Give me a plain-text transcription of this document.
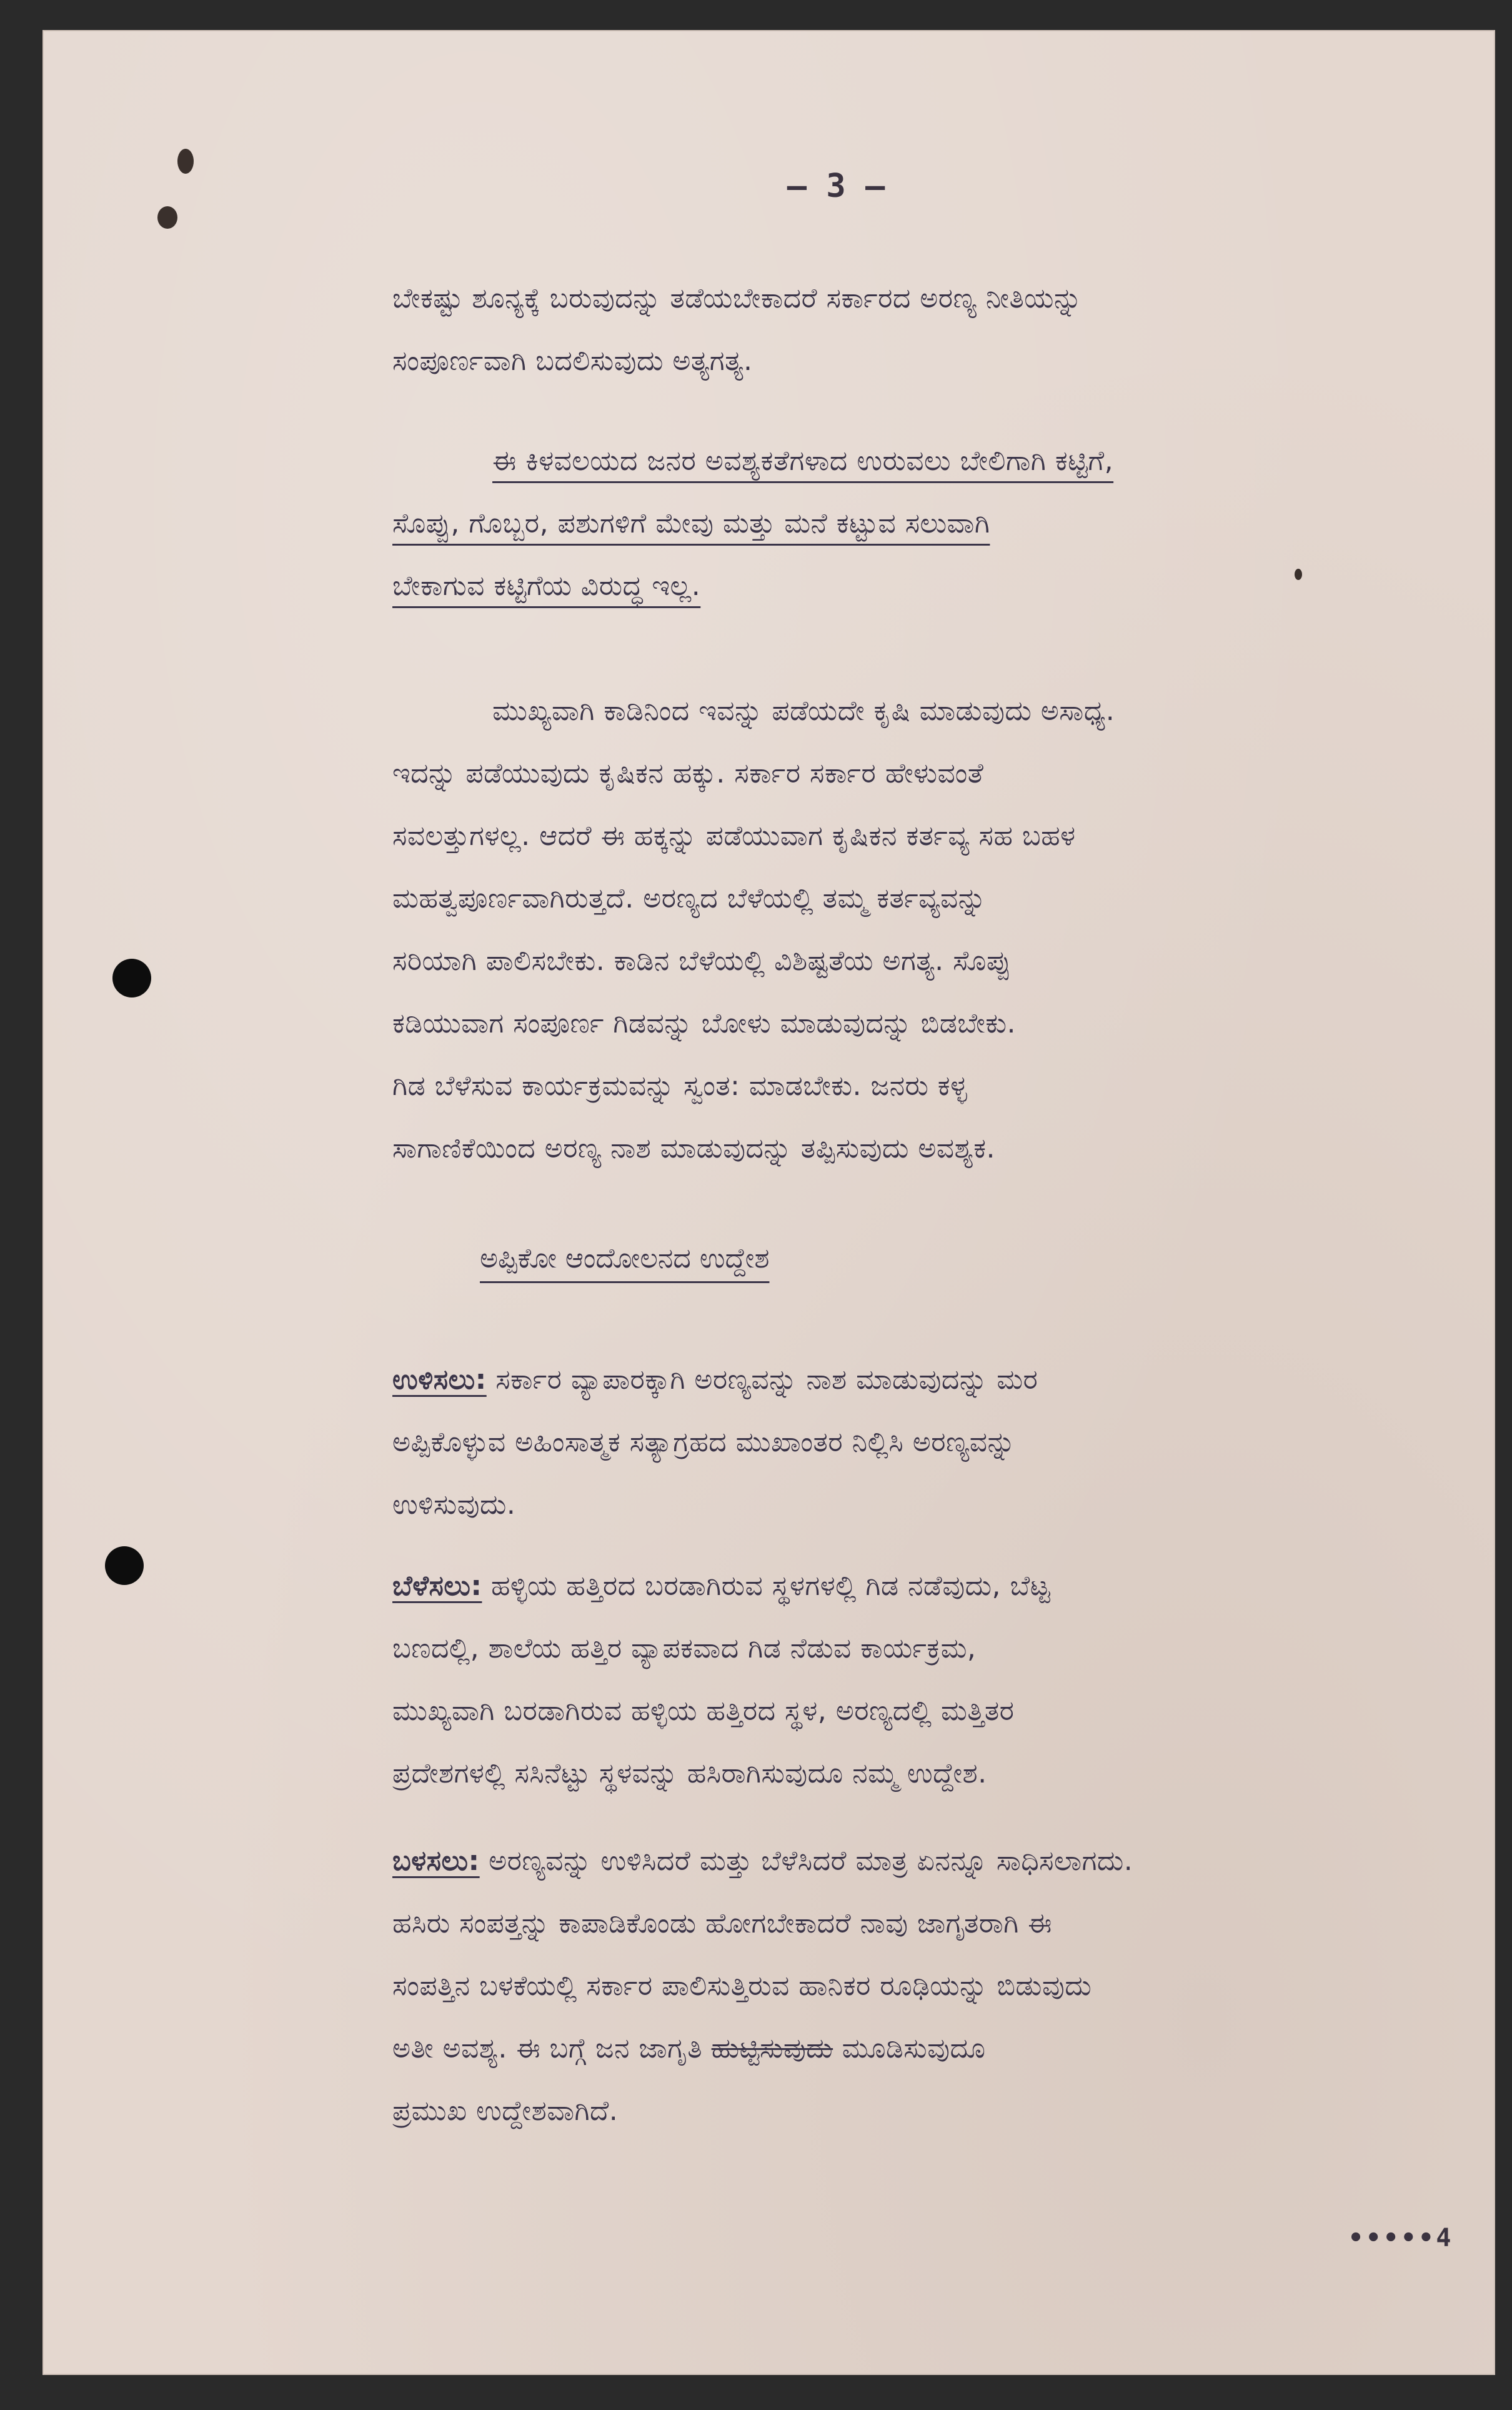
— 3 —
ಬೇಕಷ್ಟು ಶೂನ್ಯಕ್ಕೆ ಬರುವುದನ್ನು ತಡೆಯಬೇಕಾದರೆ ಸರ್ಕಾರದ ಅರಣ್ಯ ನೀತಿಯನ್ನು
ಸಂಪೂರ್ಣವಾಗಿ ಬದಲಿಸುವುದು ಅತ್ಯಗತ್ಯ.
ಈ ಕಿಳವಲಯದ ಜನರ ಅವಶ್ಯಕತೆಗಳಾದ ಉರುವಲು ಬೇಲಿಗಾಗಿ ಕಟ್ಟಿಗೆ,
ಸೊಪ್ಪು, ಗೊಬ್ಬರ, ಪಶುಗಳಿಗೆ ಮೇವು ಮತ್ತು ಮನೆ ಕಟ್ಟುವ ಸಲುವಾಗಿ
ಬೇಕಾಗುವ ಕಟ್ಟಿಗೆಯ ವಿರುದ್ಧ ಇಲ್ಲ.
ಮುಖ್ಯವಾಗಿ ಕಾಡಿನಿಂದ ಇವನ್ನು ಪಡೆಯದೇ ಕೃಷಿ ಮಾಡುವುದು ಅಸಾಧ್ಯ.
ಇದನ್ನು ಪಡೆಯುವುದು ಕೃಷಿಕನ ಹಕ್ಕು. ಸರ್ಕಾರ ಸರ್ಕಾರ ಹೇಳುವಂತೆ
ಸವಲತ್ತುಗಳಲ್ಲ. ಆದರೆ ಈ ಹಕ್ಕನ್ನು ಪಡೆಯುವಾಗ ಕೃಷಿಕನ ಕರ್ತವ್ಯ ಸಹ ಬಹಳ
ಮಹತ್ವಪೂರ್ಣವಾಗಿರುತ್ತದೆ. ಅರಣ್ಯದ ಬೆಳೆಯಲ್ಲಿ ತಮ್ಮ ಕರ್ತವ್ಯವನ್ನು
ಸರಿಯಾಗಿ ಪಾಲಿಸಬೇಕು. ಕಾಡಿನ ಬೆಳೆಯಲ್ಲಿ ವಿಶಿಷ್ಟತೆಯ ಅಗತ್ಯ. ಸೊಪ್ಪು
ಕಡಿಯುವಾಗ ಸಂಪೂರ್ಣ ಗಿಡವನ್ನು ಬೋಳು ಮಾಡುವುದನ್ನು ಬಿಡಬೇಕು.
ಗಿಡ ಬೆಳೆಸುವ ಕಾರ್ಯಕ್ರಮವನ್ನು ಸ್ವಂತ: ಮಾಡಬೇಕು. ಜನರು ಕಳ್ಳ
ಸಾಗಾಣಿಕೆಯಿಂದ ಅರಣ್ಯ ನಾಶ ಮಾಡುವುದನ್ನು ತಪ್ಪಿಸುವುದು ಅವಶ್ಯಕ.
ಅಪ್ಪಿಕೋ ಆಂದೋಲನದ ಉದ್ದೇಶ
ಉಳಿಸಲು: ಸರ್ಕಾರ ವ್ಯಾಪಾರಕ್ಕಾಗಿ ಅರಣ್ಯವನ್ನು ನಾಶ ಮಾಡುವುದನ್ನು ಮರ
ಅಪ್ಪಿಕೊಳ್ಳುವ ಅಹಿಂಸಾತ್ಮಕ ಸತ್ಯಾಗ್ರಹದ ಮುಖಾಂತರ ನಿಲ್ಲಿಸಿ ಅರಣ್ಯವನ್ನು
ಉಳಿಸುವುದು.
ಬೆಳೆಸಲು: ಹಳ್ಳಿಯ ಹತ್ತಿರದ ಬರಡಾಗಿರುವ ಸ್ಥಳಗಳಲ್ಲಿ ಗಿಡ ನಡೆವುದು, ಬೆಟ್ಟ
ಬಣದಲ್ಲಿ, ಶಾಲೆಯ ಹತ್ತಿರ ವ್ಯಾಪಕವಾದ ಗಿಡ ನೆಡುವ ಕಾರ್ಯಕ್ರಮ,
ಮುಖ್ಯವಾಗಿ ಬರಡಾಗಿರುವ ಹಳ್ಳಿಯ ಹತ್ತಿರದ ಸ್ಥಳ, ಅರಣ್ಯದಲ್ಲಿ ಮತ್ತಿತರ
ಪ್ರದೇಶಗಳಲ್ಲಿ ಸಸಿನೆಟ್ಟು ಸ್ಥಳವನ್ನು ಹಸಿರಾಗಿಸುವುದೂ ನಮ್ಮ ಉದ್ದೇಶ.
ಬಳಸಲು: ಅರಣ್ಯವನ್ನು ಉಳಿಸಿದರೆ ಮತ್ತು ಬೆಳೆಸಿದರೆ ಮಾತ್ರ ಏನನ್ನೂ ಸಾಧಿಸಲಾಗದು.
ಹಸಿರು ಸಂಪತ್ತನ್ನು ಕಾಪಾಡಿಕೊಂಡು ಹೋಗಬೇಕಾದರೆ ನಾವು ಜಾಗೃತರಾಗಿ ಈ
ಸಂಪತ್ತಿನ ಬಳಕೆಯಲ್ಲಿ ಸರ್ಕಾರ ಪಾಲಿಸುತ್ತಿರುವ ಹಾನಿಕರ ರೂಢಿಯನ್ನು ಬಿಡುವುದು
ಅತೀ ಅವಶ್ಯ. ಈ ಬಗ್ಗೆ ಜನ ಜಾಗೃತಿ ಹುಟ್ಟಿಸುವುದು ಮೂಡಿಸುವುದೂ
ಪ್ರಮುಖ ಉದ್ದೇಶವಾಗಿದೆ.
•••••4
